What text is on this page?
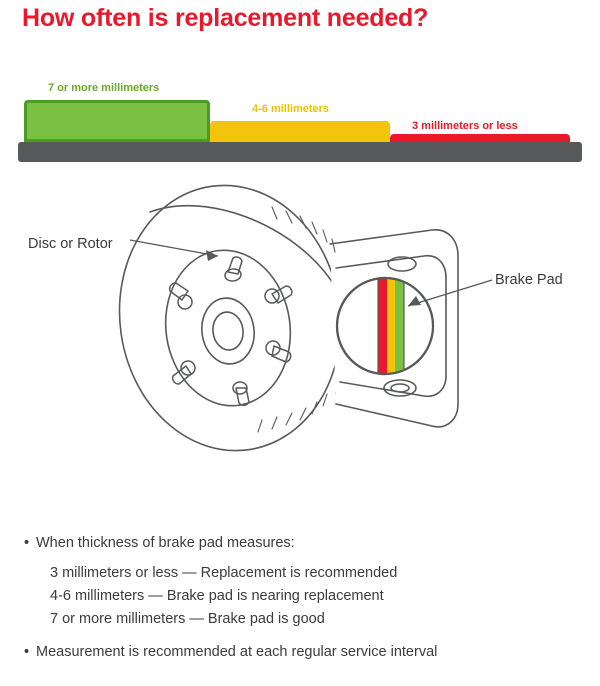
How often is replacement needed?
7 or more millimeters
4-6 millimeters
3 millimeters or less
Disc or Rotor
Brake Pad
• When thickness of brake pad measures:
3 millimeters or less — Replacement is recommended
4-6 millimeters — Brake pad is nearing replacement
7 or more millimeters — Brake pad is good
• Measurement is recommended at each regular service interval
